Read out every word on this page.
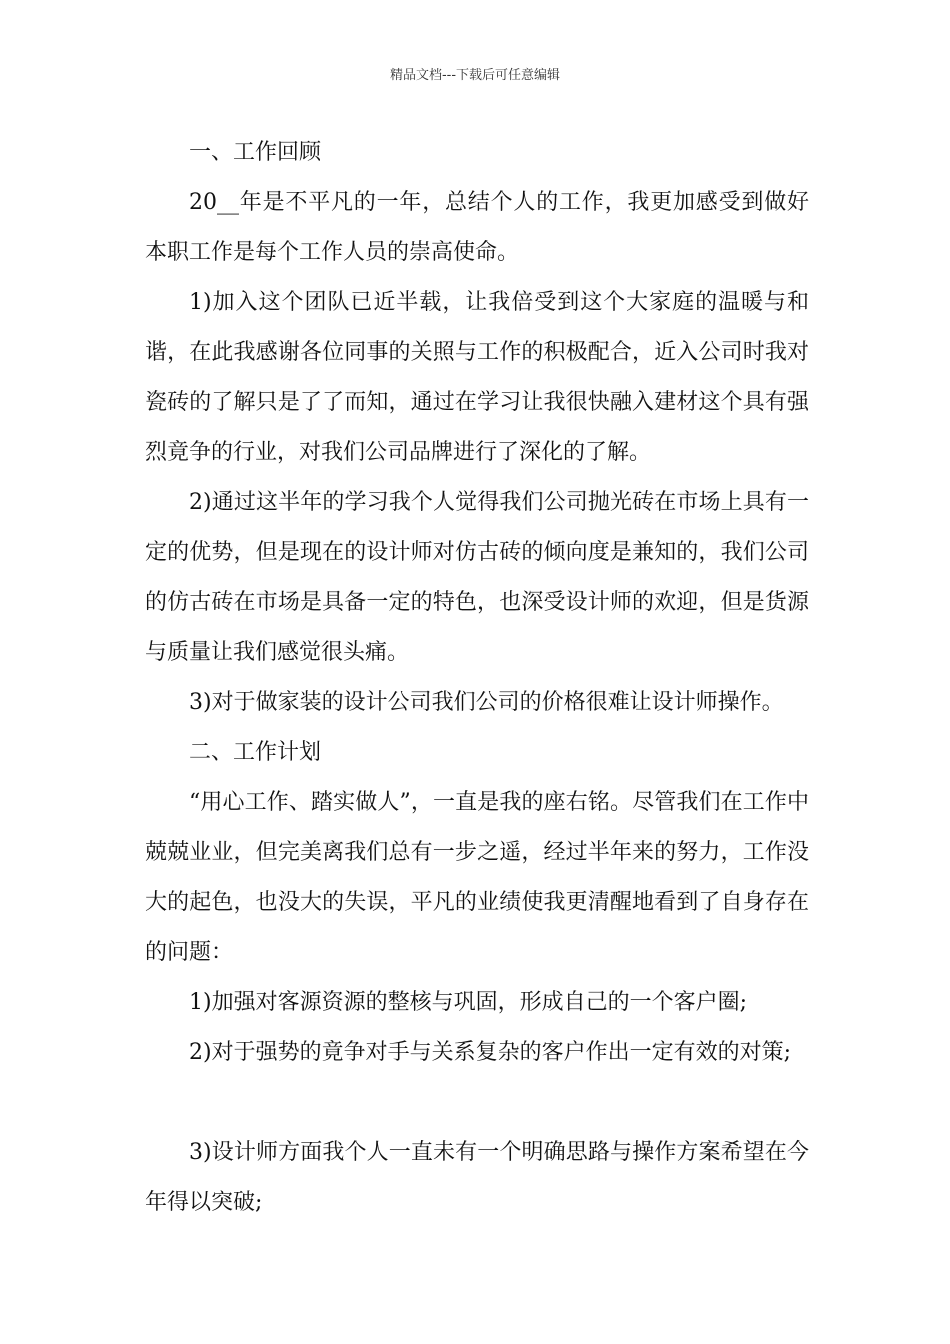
精品文档---下载后可任意编辑

一、工作回顾

20__年是不平凡的一年，总结个人的工作，我更加感受到做好本职工作是每个工作人员的崇高使命。

1)加入这个团队已近半载，让我倍受到这个大家庭的温暖与和谐，在此我感谢各位同事的关照与工作的积极配合，近入公司时我对瓷砖的了解只是了了而知，通过在学习让我很快融入建材这个具有强烈竟争的行业，对我们公司品牌进行了深化的了解。

2)通过这半年的学习我个人觉得我们公司抛光砖在市场上具有一定的优势，但是现在的设计师对仿古砖的倾向度是兼知的，我们公司的仿古砖在市场是具备一定的特色，也深受设计师的欢迎，但是货源与质量让我们感觉很头痛。

3)对于做家装的设计公司我们公司的价格很难让设计师操作。

二、工作计划

“用心工作、踏实做人”，一直是我的座右铭。尽管我们在工作中兢兢业业，但完美离我们总有一步之遥，经过半年来的努力，工作没大的起色，也没大的失误，平凡的业绩使我更清醒地看到了自身存在的问题：

1)加强对客源资源的整核与巩固，形成自己的一个客户圈;

2)对于强势的竟争对手与关系复杂的客户作出一定有效的对策;

3)设计师方面我个人一直未有一个明确思路与操作方案希望在今年得以突破;
